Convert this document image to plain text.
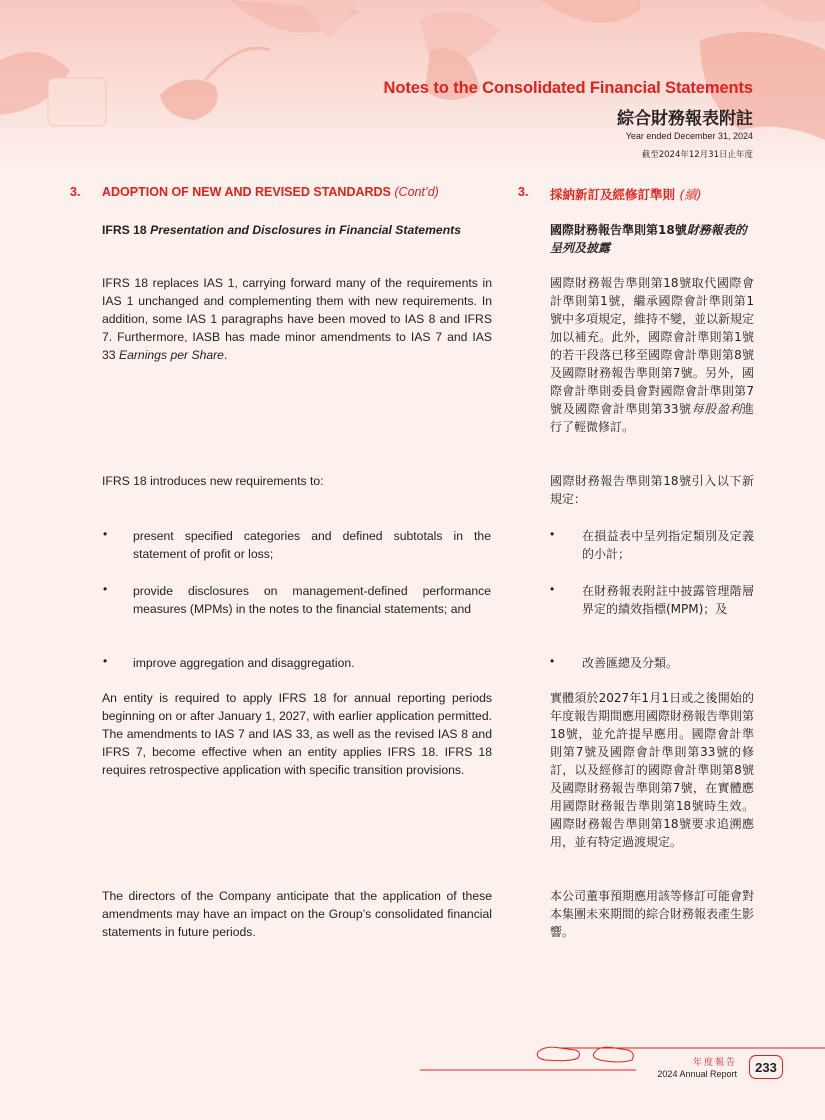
Notes to the Consolidated Financial Statements
綜合財務報表附註
Year ended December 31, 2024
截至2024年12月31日止年度
3. ADOPTION OF NEW AND REVISED STANDARDS (Cont’d)	3. 採納新訂及經修訂準則 (續)
IFRS 18 Presentation and Disclosures in Financial Statements	國際財務報告準則第18號財務報表的呈列及披露
IFRS 18 replaces IAS 1, carrying forward many of the requirements in IAS 1 unchanged and complementing them with new requirements. In addition, some IAS 1 paragraphs have been moved to IAS 8 and IFRS 7. Furthermore, IASB has made minor amendments to IAS 7 and IAS 33 Earnings per Share.
國際財務報告準則第18號取代國際會計準則第1號，繼承國際會計準則第1號中多項規定，維持不變，並以新規定加以補充。此外，國際會計準則第1號的若干段落已移至國際會計準則第8號及國際財務報告準則第7號。另外，國際會計準則委員會對國際會計準則第7號及國際會計準則第33號每股盈利進行了輕微修訂。
IFRS 18 introduces new requirements to:	國際財務報告準則第18號引入以下新規定：
• present specified categories and defined subtotals in the statement of profit or loss;
• 在損益表中呈列指定類別及定義的小計；
• provide disclosures on management-defined performance measures (MPMs) in the notes to the financial statements; and
• 在財務報表附註中披露管理階層界定的績效指標(MPM)；及
• improve aggregation and disaggregation.	• 改善匯總及分類。
An entity is required to apply IFRS 18 for annual reporting periods beginning on or after January 1, 2027, with earlier application permitted. The amendments to IAS 7 and IAS 33, as well as the revised IAS 8 and IFRS 7, become effective when an entity applies IFRS 18. IFRS 18 requires retrospective application with specific transition provisions.
實體須於2027年1月1日或之後開始的年度報告期間應用國際財務報告準則第18號，並允許提早應用。國際會計準則第7號及國際會計準則第33號的修訂，以及經修訂的國際會計準則第8號及國際財務報告準則第7號，在實體應用國際財務報告準則第18號時生效。國際財務報告準則第18號要求追溯應用，並有特定過渡規定。
The directors of the Company anticipate that the application of these amendments may have an impact on the Group’s consolidated financial statements in future periods.
本公司董事預期應用該等修訂可能會對本集團未來期間的綜合財務報表產生影響。
年度報告
2024 Annual Report	233
